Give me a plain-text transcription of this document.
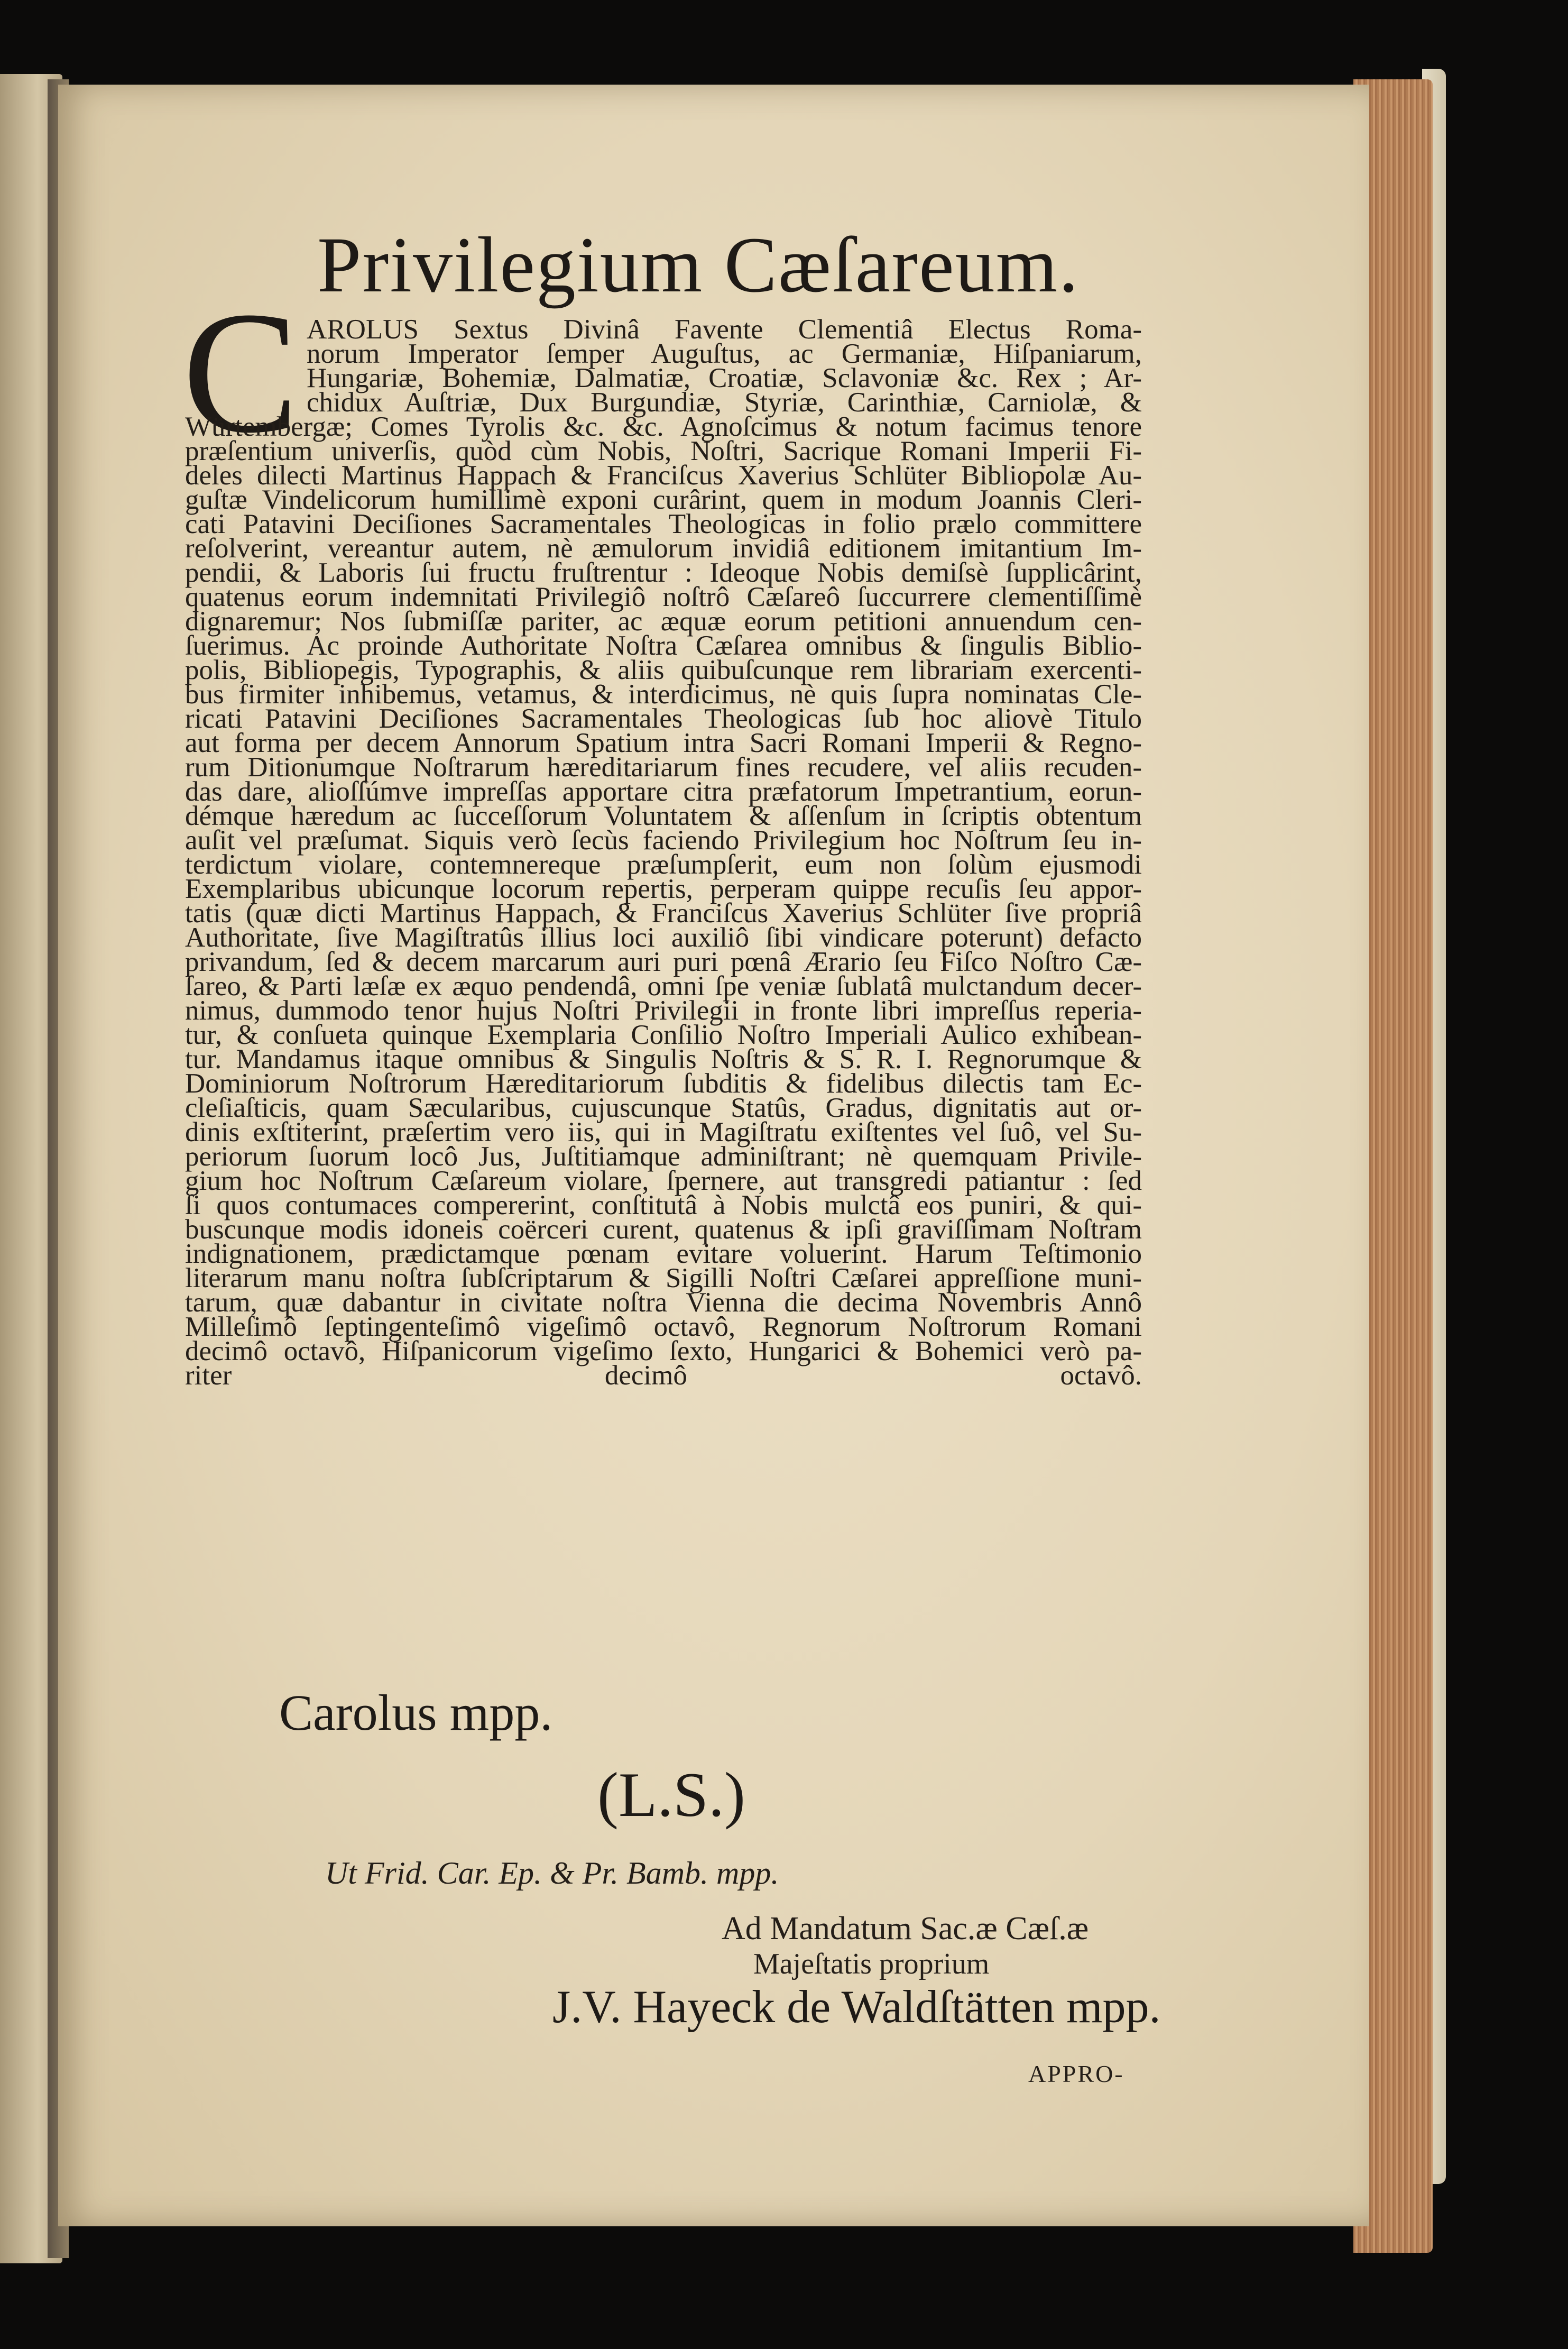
Privilegium Cæſareum.
C AROLUS Sextus Divinâ Favente Clementiâ Electus Roma-
norum Imperator ſemper Auguſtus, ac Germaniæ, Hiſpaniarum,
Hungariæ, Bohemiæ, Dalmatiæ, Croatiæ, Sclavoniæ &c. Rex ; Ar-
chidux Auſtriæ, Dux Burgundiæ, Styriæ, Carinthiæ, Carniolæ, &
Würtembergæ; Comes Tyrolis &c. &c. Agnoſcimus & notum facimus tenore
præſentium univerſis, quòd cùm Nobis, Noſtri, Sacrique Romani Imperii Fi-
deles dilecti Martinus Happach & Franciſcus Xaverius Schlüter Bibliopolæ Au-
guſtæ Vindelicorum humillimè exponi curârint, quem in modum Joannis Cleri-
cati Patavini Deciſiones Sacramentales Theologicas in folio prælo committere
reſolverint, vereantur autem, nè æmulorum invidiâ editionem imitantium Im-
pendii, & Laboris ſui fructu fruſtrentur : Ideoque Nobis demiſsè ſupplicârint,
quatenus eorum indemnitati Privilegiô noſtrô Cæſareô ſuccurrere clementiſſimè
dignaremur; Nos ſubmiſſæ pariter, ac æquæ eorum petitioni annuendum cen-
ſuerimus. Ac proinde Authoritate Noſtra Cæſarea omnibus & ſingulis Biblio-
polis, Bibliopegis, Typographis, & aliis quibuſcunque rem librariam exercenti-
bus firmiter inhibemus, vetamus, & interdicimus, nè quis ſupra nominatas Cle-
ricati Patavini Deciſiones Sacramentales Theologicas ſub hoc aliovè Titulo
aut forma per decem Annorum Spatium intra Sacri Romani Imperii & Regno-
rum Ditionumque Noſtrarum hæreditariarum fines recudere, vel aliis recuden-
das dare, alioſſúmve impreſſas apportare citra præfatorum Impetrantium, eorun-
démque hæredum ac ſucceſſorum Voluntatem & aſſenſum in ſcriptis obtentum
auſit vel præſumat. Siquis verò ſecùs faciendo Privilegium hoc Noſtrum ſeu in-
terdictum violare, contemnereque præſumpſerit, eum non ſolùm ejusmodi
Exemplaribus ubicunque locorum repertis, perperam quippe recuſis ſeu appor-
tatis (quæ dicti Martinus Happach, & Franciſcus Xaverius Schlüter ſive propriâ
Authoritate, ſive Magiſtratûs illius loci auxiliô ſibi vindicare poterunt) defacto
privandum, ſed & decem marcarum auri puri pœnâ Ærario ſeu Fiſco Noſtro Cæ-
ſareo, & Parti læſæ ex æquo pendendâ, omni ſpe veniæ ſublatâ mulctandum decer-
nimus, dummodo tenor hujus Noſtri Privilegii in fronte libri impreſſus reperia-
tur, & conſueta quinque Exemplaria Conſilio Noſtro Imperiali Aulico exhibean-
tur. Mandamus itaque omnibus & Singulis Noſtris & S. R. I. Regnorumque &
Dominiorum Noſtrorum Hæreditariorum ſubditis & fidelibus dilectis tam Ec-
cleſiaſticis, quam Sæcularibus, cujuscunque Statûs, Gradus, dignitatis aut or-
dinis exſtiterint, præſertim vero iis, qui in Magiſtratu exiſtentes vel ſuô, vel Su-
periorum ſuorum locô Jus, Juſtitiamque adminiſtrant; nè quemquam Privile-
gium hoc Noſtrum Cæſareum violare, ſpernere, aut transgredi patiantur : ſed
ſi quos contumaces compererint, conſtitutâ à Nobis mulctâ eos puniri, & qui-
buscunque modis idoneis coërceri curent, quatenus & ipſi graviſſimam Noſtram
indignationem, prædictamque pœnam evitare voluerint. Harum Teſtimonio
literarum manu noſtra ſubſcriptarum & Sigilli Noſtri Cæſarei appreſſione muni-
tarum, quæ dabantur in civitate noſtra Vienna die decima Novembris Annô
Milleſimô ſeptingenteſimô vigeſimô octavô, Regnorum Noſtrorum Romani
decimô octavô, Hiſpanicorum vigeſimo ſexto, Hungarici & Bohemici verò pa-
riter decimô octavô.
Carolus mpp.
(L.S.)
Ut Frid. Car. Ep. & Pr. Bamb. mpp.
Ad Mandatum Sac.æ Cæſ.æ
Majeſtatis proprium
J.V. Hayeck de Waldſtätten mpp.
APPRO-
